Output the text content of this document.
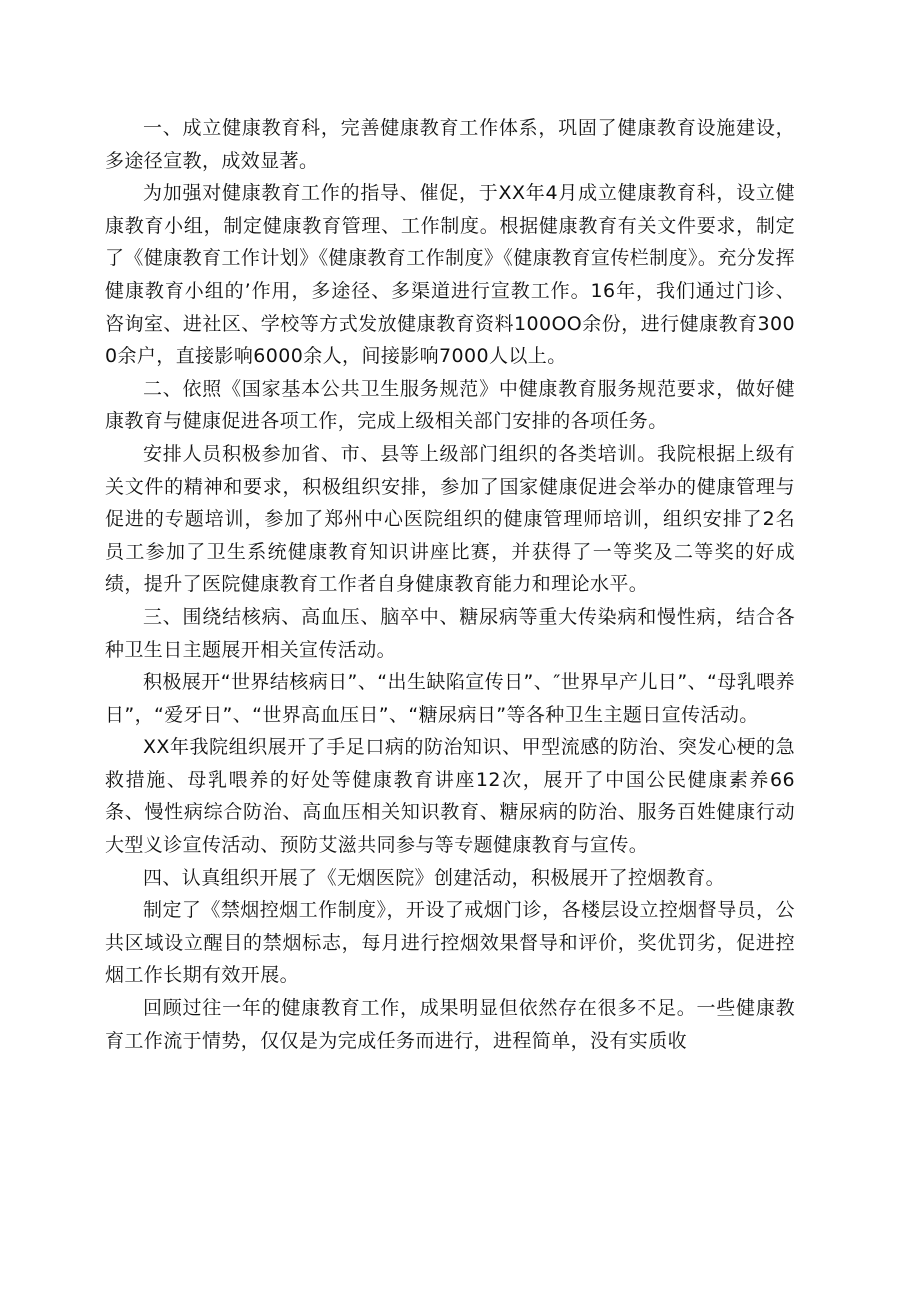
一、成立健康教育科，完善健康教育工作体系，巩固了健康教育设施建设，多途径宣教，成效显著。

为加强对健康教育工作的指导、催促，于XX年4月成立健康教育科，设立健康教育小组，制定健康教育管理、工作制度。根据健康教育有关文件要求，制定了《健康教育工作计划》《健康教育工作制度》《健康教育宣传栏制度》。充分发挥健康教育小组的’作用，多途径、多渠道进行宣教工作。16年，我们通过门诊、咨询室、进社区、学校等方式发放健康教育资料100OO余份，进行健康教育3000余户，直接影响6000余人，间接影响7000人以上。

二、依照《国家基本公共卫生服务规范》中健康教育服务规范要求，做好健康教育与健康促进各项工作，完成上级相关部门安排的各项任务。

安排人员积极参加省、市、县等上级部门组织的各类培训。我院根据上级有关文件的精神和要求，积极组织安排，参加了国家健康促进会举办的健康管理与促进的专题培训，参加了郑州中心医院组织的健康管理师培训，组织安排了2名员工参加了卫生系统健康教育知识讲座比赛，并获得了一等奖及二等奖的好成绩，提升了医院健康教育工作者自身健康教育能力和理论水平。

三、围绕结核病、高血压、脑卒中、糖尿病等重大传染病和慢性病，结合各种卫生日主题展开相关宣传活动。

积极展开“世界结核病日”、“出生缺陷宣传日”、″世界早产儿日”、“母乳喂养日”，“爱牙日”、“世界高血压日”、“糖尿病日”等各种卫生主题日宣传活动。

XX年我院组织展开了手足口病的防治知识、甲型流感的防治、突发心梗的急救措施、母乳喂养的好处等健康教育讲座12次，展开了中国公民健康素养66条、慢性病综合防治、高血压相关知识教育、糖尿病的防治、服务百姓健康行动大型义诊宣传活动、预防艾滋共同参与等专题健康教育与宣传。

四、认真组织开展了《无烟医院》创建活动，积极展开了控烟教育。

制定了《禁烟控烟工作制度》，开设了戒烟门诊，各楼层设立控烟督导员，公共区域设立醒目的禁烟标志，每月进行控烟效果督导和评价，奖优罚劣，促进控烟工作长期有效开展。

回顾过往一年的健康教育工作，成果明显但依然存在很多不足。一些健康教育工作流于情势，仅仅是为完成任务而进行，进程简单，没有实质收
